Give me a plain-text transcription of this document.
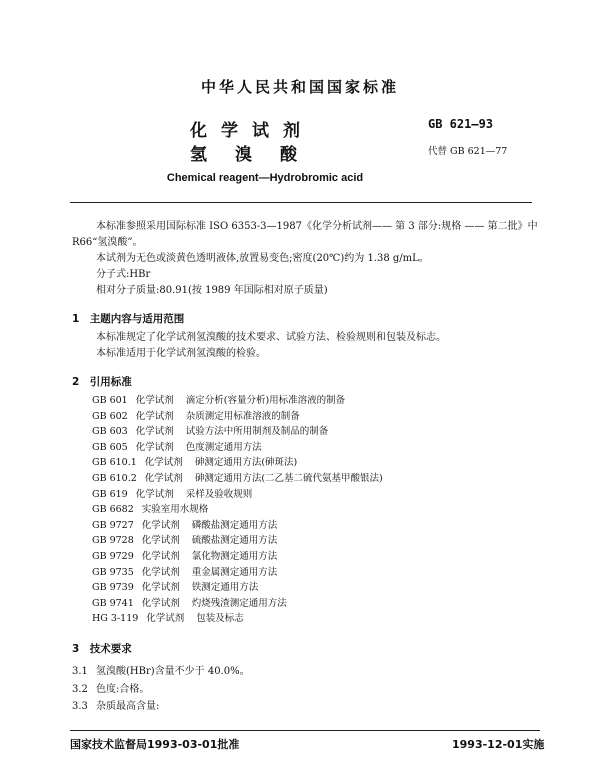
中华人民共和国国家标准
化学试剂
氢溴酸
GB 621—93
代替 GB 621—77
Chemical reagent—Hydrobromic acid
本标准参照采用国际标准 ISO 6353-3—1987《化学分析试剂—— 第 3 部分:规格 —— 第二批》中
R66“氢溴酸”。
本试剂为无色或淡黄色透明液体,放置易变色;密度(20℃)约为 1.38 g/mL。
分子式:HBr
相对分子质量:80.91(按 1989 年国际相对原子质量)
1　主题内容与适用范围
本标准规定了化学试剂氢溴酸的技术要求、试验方法、检验规则和包装及标志。
本标准适用于化学试剂氢溴酸的检验。
2　引用标准
GB 601 化学试剂 滴定分析(容量分析)用标准溶液的制备
GB 602 化学试剂 杂质测定用标准溶液的制备
GB 603 化学试剂 试验方法中所用制剂及制品的制备
GB 605 化学试剂 色度测定通用方法
GB 610.1 化学试剂 砷测定通用方法(砷斑法)
GB 610.2 化学试剂 砷测定通用方法(二乙基二硫代氨基甲酸银法)
GB 619 化学试剂 采样及验收规则
GB 6682 实验室用水规格
GB 9727 化学试剂 磷酸盐测定通用方法
GB 9728 化学试剂 硫酸盐测定通用方法
GB 9729 化学试剂 氯化物测定通用方法
GB 9735 化学试剂 重金属测定通用方法
GB 9739 化学试剂 铁测定通用方法
GB 9741 化学试剂 灼烧残渣测定通用方法
HG 3-119 化学试剂 包装及标志
3　技术要求
3.1 氢溴酸(HBr)含量不少于 40.0%。
3.2 色度:合格。
3.3 杂质最高含量:
国家技术监督局1993-03-01批准	1993-12-01实施
